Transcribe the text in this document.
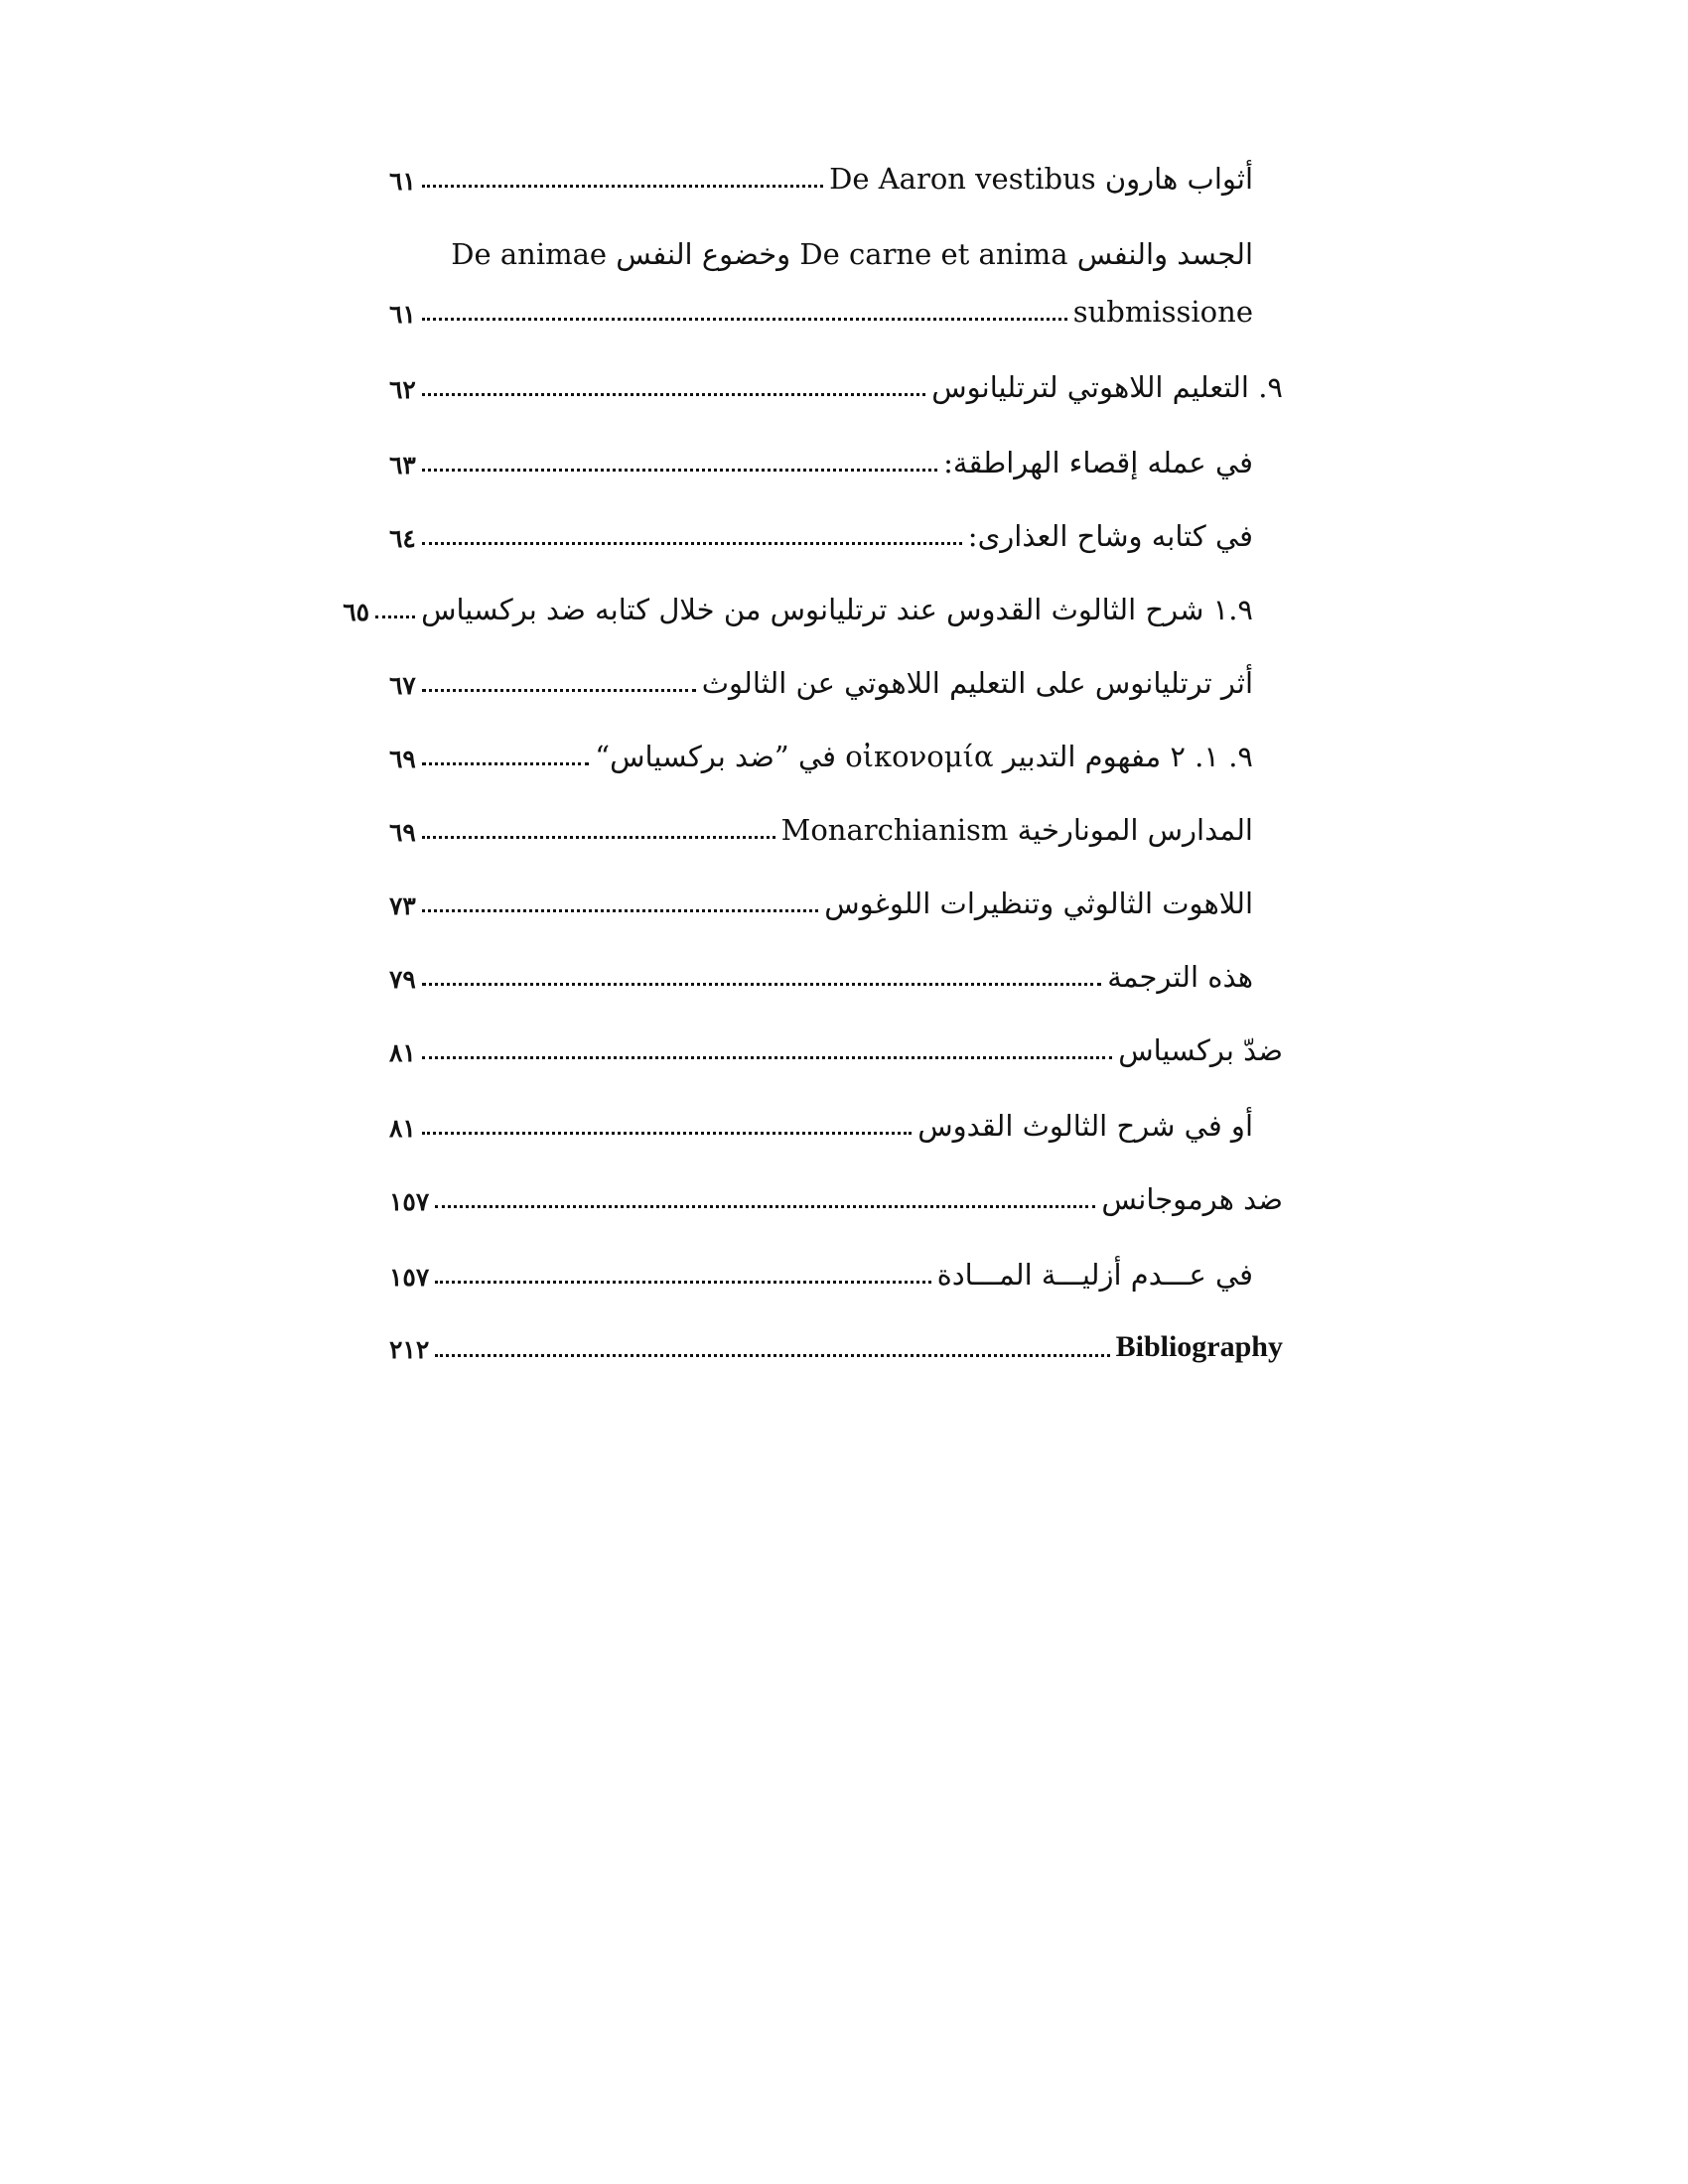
أثواب هارون De Aaron vestibus
٦١
الجسد والنفس De carne et anima وخضوع النفس De animae
submissione
٦١
٩. التعليم اللاهوتي لترتليانوس
٦٢
في عمله إقصاء الهراطقة:
٦٣
في كتابه وشاح العذارى:
٦٤
١.٩ شرح الثالوث القدوس عند ترتليانوس من خلال كتابه ضد بركسياس
٦٥
أثر ترتليانوس على التعليم اللاهوتي عن الثالوث
٦٧
٩. ١. ٢ مفهوم التدبير οἰκονομία في ”ضد بركسياس“
٦٩
المدارس المونارخية Monarchianism
٦٩
اللاهوت الثالوثي وتنظيرات اللوغوس
٧٣
هذه الترجمة
٧٩
ضدّ بركسياس
٨١
أو في شرح الثالوث القدوس
٨١
ضد هرموجانس
١٥٧
في عـــدم أزليـــة المـــادة
١٥٧
Bibliography
٢١٢
